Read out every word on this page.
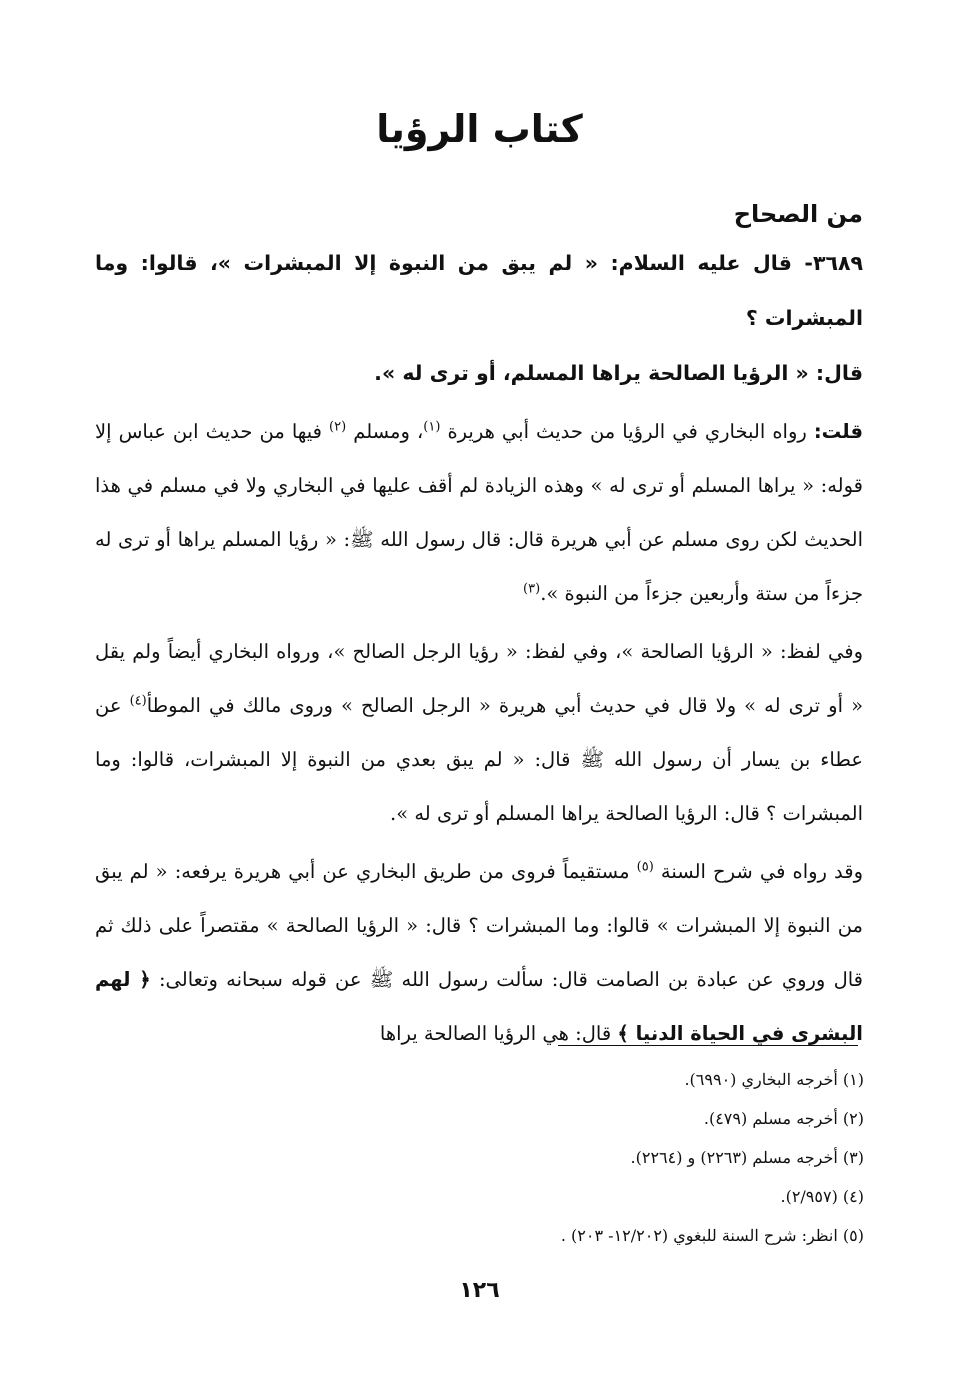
كتاب الرؤيا

من الصحاح

٣٦٨٩- قال عليه السلام: « لم يبق من النبوة إلا المبشرات »، قالوا: وما المبشرات ؟
قال: « الرؤيا الصالحة يراها المسلم، أو ترى له ».

قلت: رواه البخاري في الرؤيا من حديث أبي هريرة $^{(١)}$، ومسلم $^{(٢)}$ فيها من حديث ابن عباس إلا قوله: « يراها المسلم أو ترى له » وهذه الزيادة لم أقف عليها في البخاري ولا في مسلم في هذا الحديث لكن روى مسلم عن أبي هريرة قال: قال رسول الله ﷺ: « رؤيا المسلم يراها أو ترى له جزءاً من ستة وأربعين جزءاً من النبوة ».$^{(٣)}$

وفي لفظ: « الرؤيا الصالحة »، وفي لفظ: « رؤيا الرجل الصالح »، ورواه البخاري أيضاً ولم يقل « أو ترى له » ولا قال في حديث أبي هريرة « الرجل الصالح » وروى مالك في الموطأ$^{(٤)}$ عن عطاء بن يسار أن رسول الله ﷺ قال: « لم يبق بعدي من النبوة إلا المبشرات، قالوا: وما المبشرات ؟ قال: الرؤيا الصالحة يراها المسلم أو ترى له ».

وقد رواه في شرح السنة $^{(٥)}$ مستقيماً فروى من طريق البخاري عن أبي هريرة يرفعه: « لم يبق من النبوة إلا المبشرات » قالوا: وما المبشرات ؟ قال: « الرؤيا الصالحة » مقتصراً على ذلك ثم قال وروي عن عبادة بن الصامت قال: سألت رسول الله ﷺ عن قوله سبحانه وتعالى: ﴿ لهم البشرى في الحياة الدنيا ﴾ قال: هي الرؤيا الصالحة يراها

(١) أخرجه البخاري (٦٩٩٠).
(٢) أخرجه مسلم (٤٧٩).
(٣) أخرجه مسلم (٢٢٦٣) و (٢٢٦٤).
(٤) (٢/٩٥٧).
(٥) انظر: شرح السنة للبغوي (١٢/٢٠٢- ٢٠٣) .
١٢٦
